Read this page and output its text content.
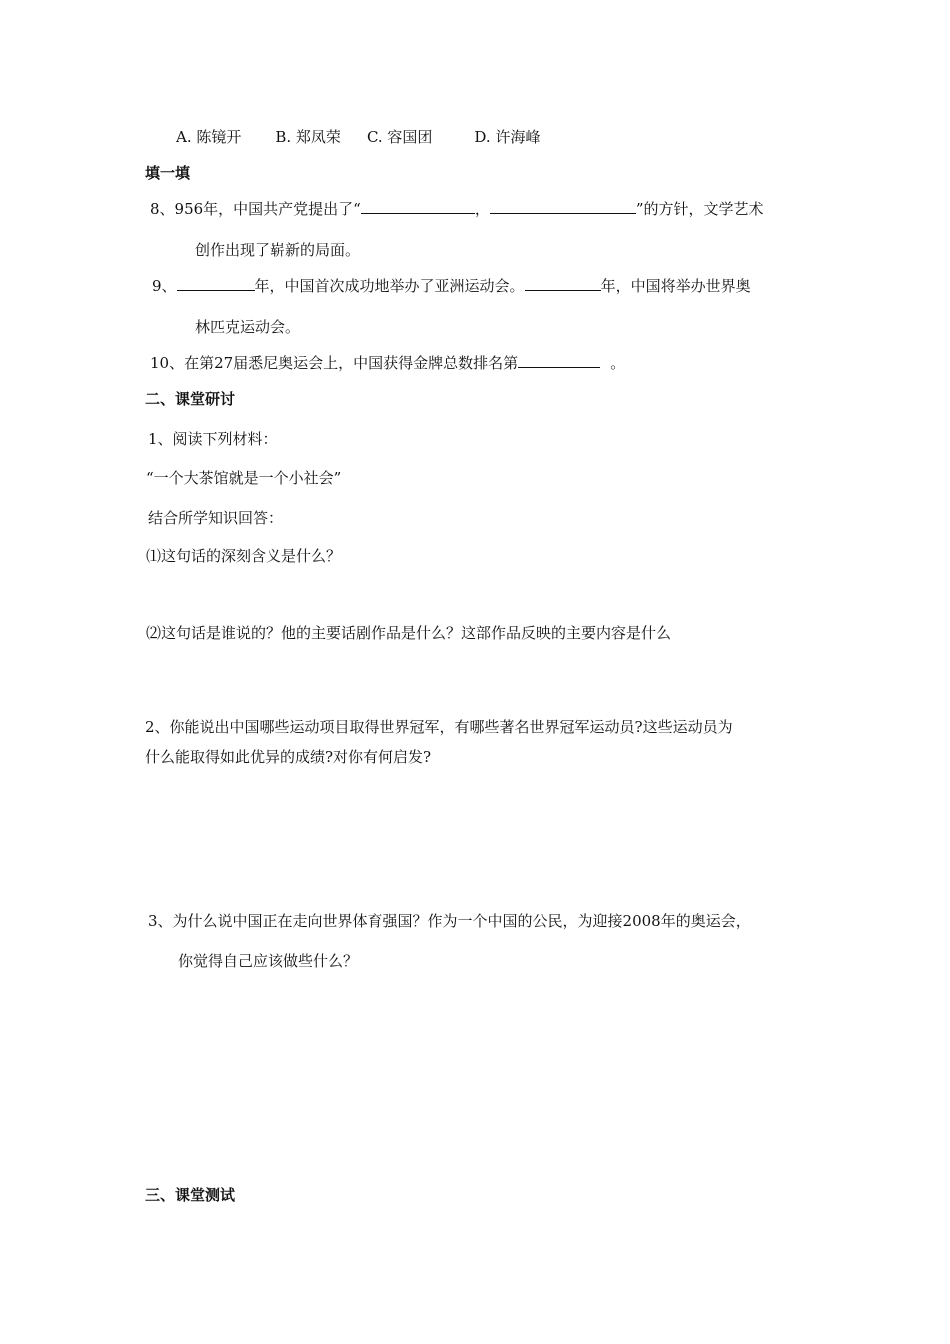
A. 陈镜开 B. 郑凤荣 C. 容国团	D. 许海峰
填一填
8、956年，中国共产党提出了“	，	”的方针，文学艺术
创作出现了崭新的局面。
9、	年，中国首次成功地举办了亚洲运动会。	年，中国将举办世界奥
林匹克运动会。
10、在第27届悉尼奥运会上，中国获得金牌总数排名第	。
二、课堂研讨
1、阅读下列材料：
“一个大茶馆就是一个小社会”
结合所学知识回答：
⑴这句话的深刻含义是什么？
⑵这句话是谁说的？他的主要话剧作品是什么？这部作品反映的主要内容是什么
2、你能说出中国哪些运动项目取得世界冠军，有哪些著名世界冠军运动员?这些运动员为
什么能取得如此优异的成绩?对你有何启发?
3、为什么说中国正在走向世界体育强国？作为一个中国的公民，为迎接2008年的奥运会，
你觉得自己应该做些什么？
三、课堂测试
